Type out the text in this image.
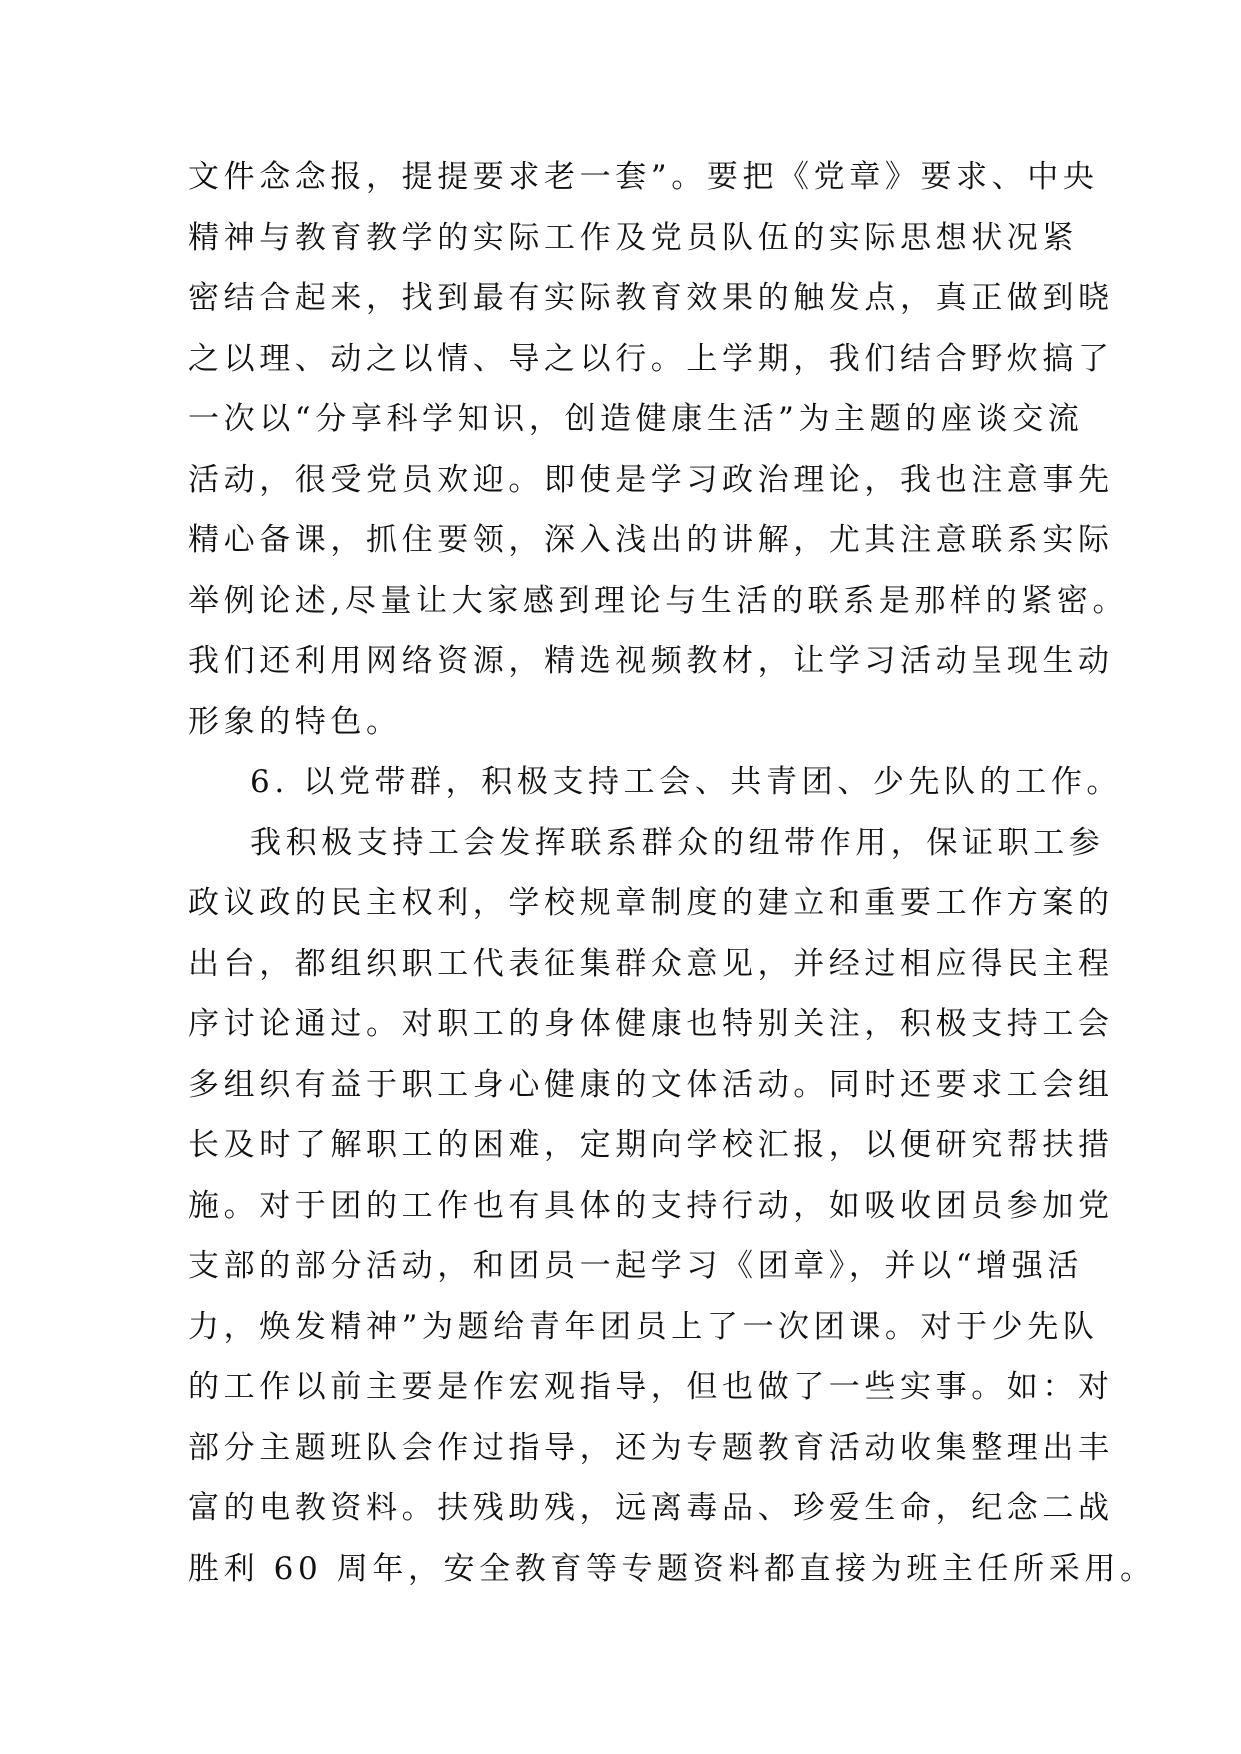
文件念念报，提提要求老一套”。要把《党章》要求、中央
精神与教育教学的实际工作及党员队伍的实际思想状况紧
密结合起来，找到最有实际教育效果的触发点，真正做到晓
之以理、动之以情、导之以行。上学期，我们结合野炊搞了
一次以“分享科学知识，创造健康生活”为主题的座谈交流
活动，很受党员欢迎。即使是学习政治理论，我也注意事先
精心备课，抓住要领，深入浅出的讲解，尤其注意联系实际
举例论述,尽量让大家感到理论与生活的联系是那样的紧密。
我们还利用网络资源，精选视频教材，让学习活动呈现生动
形象的特色。
6. 以党带群，积极支持工会、共青团、少先队的工作。
我积极支持工会发挥联系群众的纽带作用，保证职工参
政议政的民主权利，学校规章制度的建立和重要工作方案的
出台，都组织职工代表征集群众意见，并经过相应得民主程
序讨论通过。对职工的身体健康也特别关注，积极支持工会
多组织有益于职工身心健康的文体活动。同时还要求工会组
长及时了解职工的困难，定期向学校汇报，以便研究帮扶措
施。对于团的工作也有具体的支持行动，如吸收团员参加党
支部的部分活动，和团员一起学习《团章》，并以“增强活
力，焕发精神”为题给青年团员上了一次团课。对于少先队
的工作以前主要是作宏观指导，但也做了一些实事。如：对
部分主题班队会作过指导，还为专题教育活动收集整理出丰
富的电教资料。扶残助残，远离毒品、珍爱生命，纪念二战
胜利 60 周年，安全教育等专题资料都直接为班主任所采用。
